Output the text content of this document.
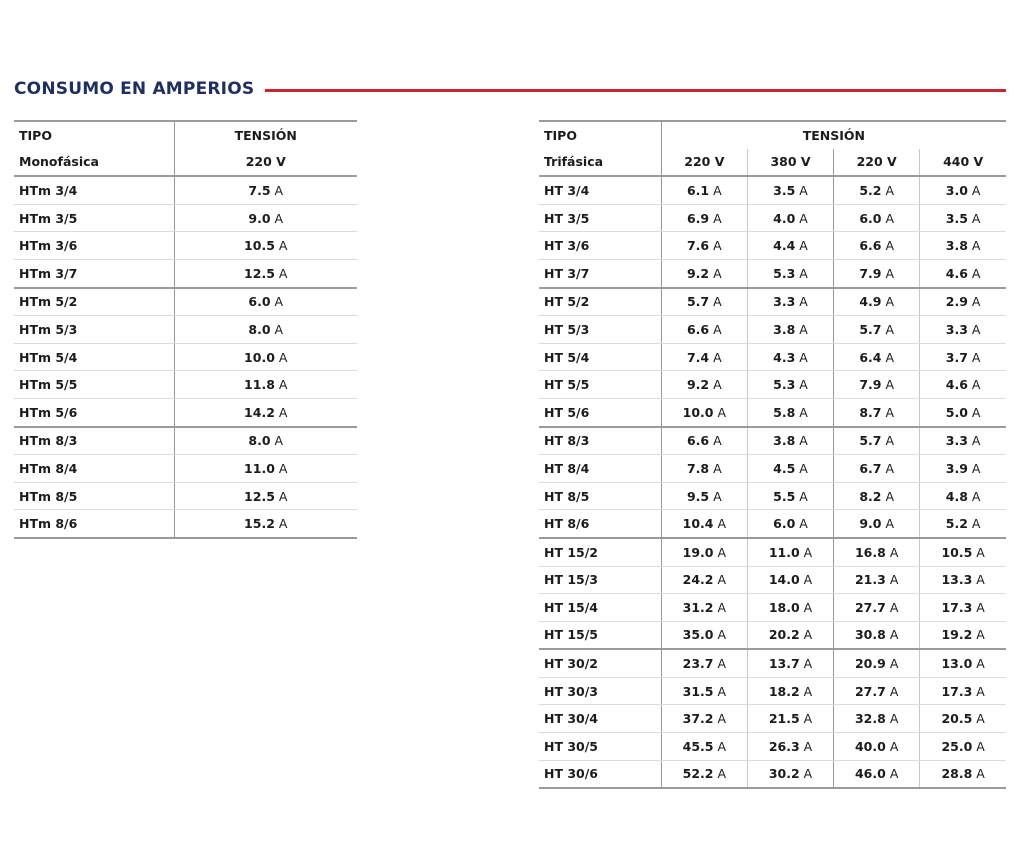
CONSUMO EN AMPERIOS
TIPO	TENSIÓN
Monofásica	220 V
HTm 3/4	7.5 A
HTm 3/5	9.0 A
HTm 3/6	10.5 A
HTm 3/7	12.5 A
HTm 5/2	6.0 A
HTm 5/3	8.0 A
HTm 5/4	10.0 A
HTm 5/5	11.8 A
HTm 5/6	14.2 A
HTm 8/3	8.0 A
HTm 8/4	11.0 A
HTm 8/5	12.5 A
HTm 8/6	15.2 A
TIPO	TENSIÓN			
Trifásica	220 V	380 V	220 V	440 V
HT 3/4	6.1 A	3.5 A	5.2 A	3.0 A
HT 3/5	6.9 A	4.0 A	6.0 A	3.5 A
HT 3/6	7.6 A	4.4 A	6.6 A	3.8 A
HT 3/7	9.2 A	5.3 A	7.9 A	4.6 A
HT 5/2	5.7 A	3.3 A	4.9 A	2.9 A
HT 5/3	6.6 A	3.8 A	5.7 A	3.3 A
HT 5/4	7.4 A	4.3 A	6.4 A	3.7 A
HT 5/5	9.2 A	5.3 A	7.9 A	4.6 A
HT 5/6	10.0 A	5.8 A	8.7 A	5.0 A
HT 8/3	6.6 A	3.8 A	5.7 A	3.3 A
HT 8/4	7.8 A	4.5 A	6.7 A	3.9 A
HT 8/5	9.5 A	5.5 A	8.2 A	4.8 A
HT 8/6	10.4 A	6.0 A	9.0 A	5.2 A
HT 15/2	19.0 A	11.0 A	16.8 A	10.5 A
HT 15/3	24.2 A	14.0 A	21.3 A	13.3 A
HT 15/4	31.2 A	18.0 A	27.7 A	17.3 A
HT 15/5	35.0 A	20.2 A	30.8 A	19.2 A
HT 30/2	23.7 A	13.7 A	20.9 A	13.0 A
HT 30/3	31.5 A	18.2 A	27.7 A	17.3 A
HT 30/4	37.2 A	21.5 A	32.8 A	20.5 A
HT 30/5	45.5 A	26.3 A	40.0 A	25.0 A
HT 30/6	52.2 A	30.2 A	46.0 A	28.8 A
